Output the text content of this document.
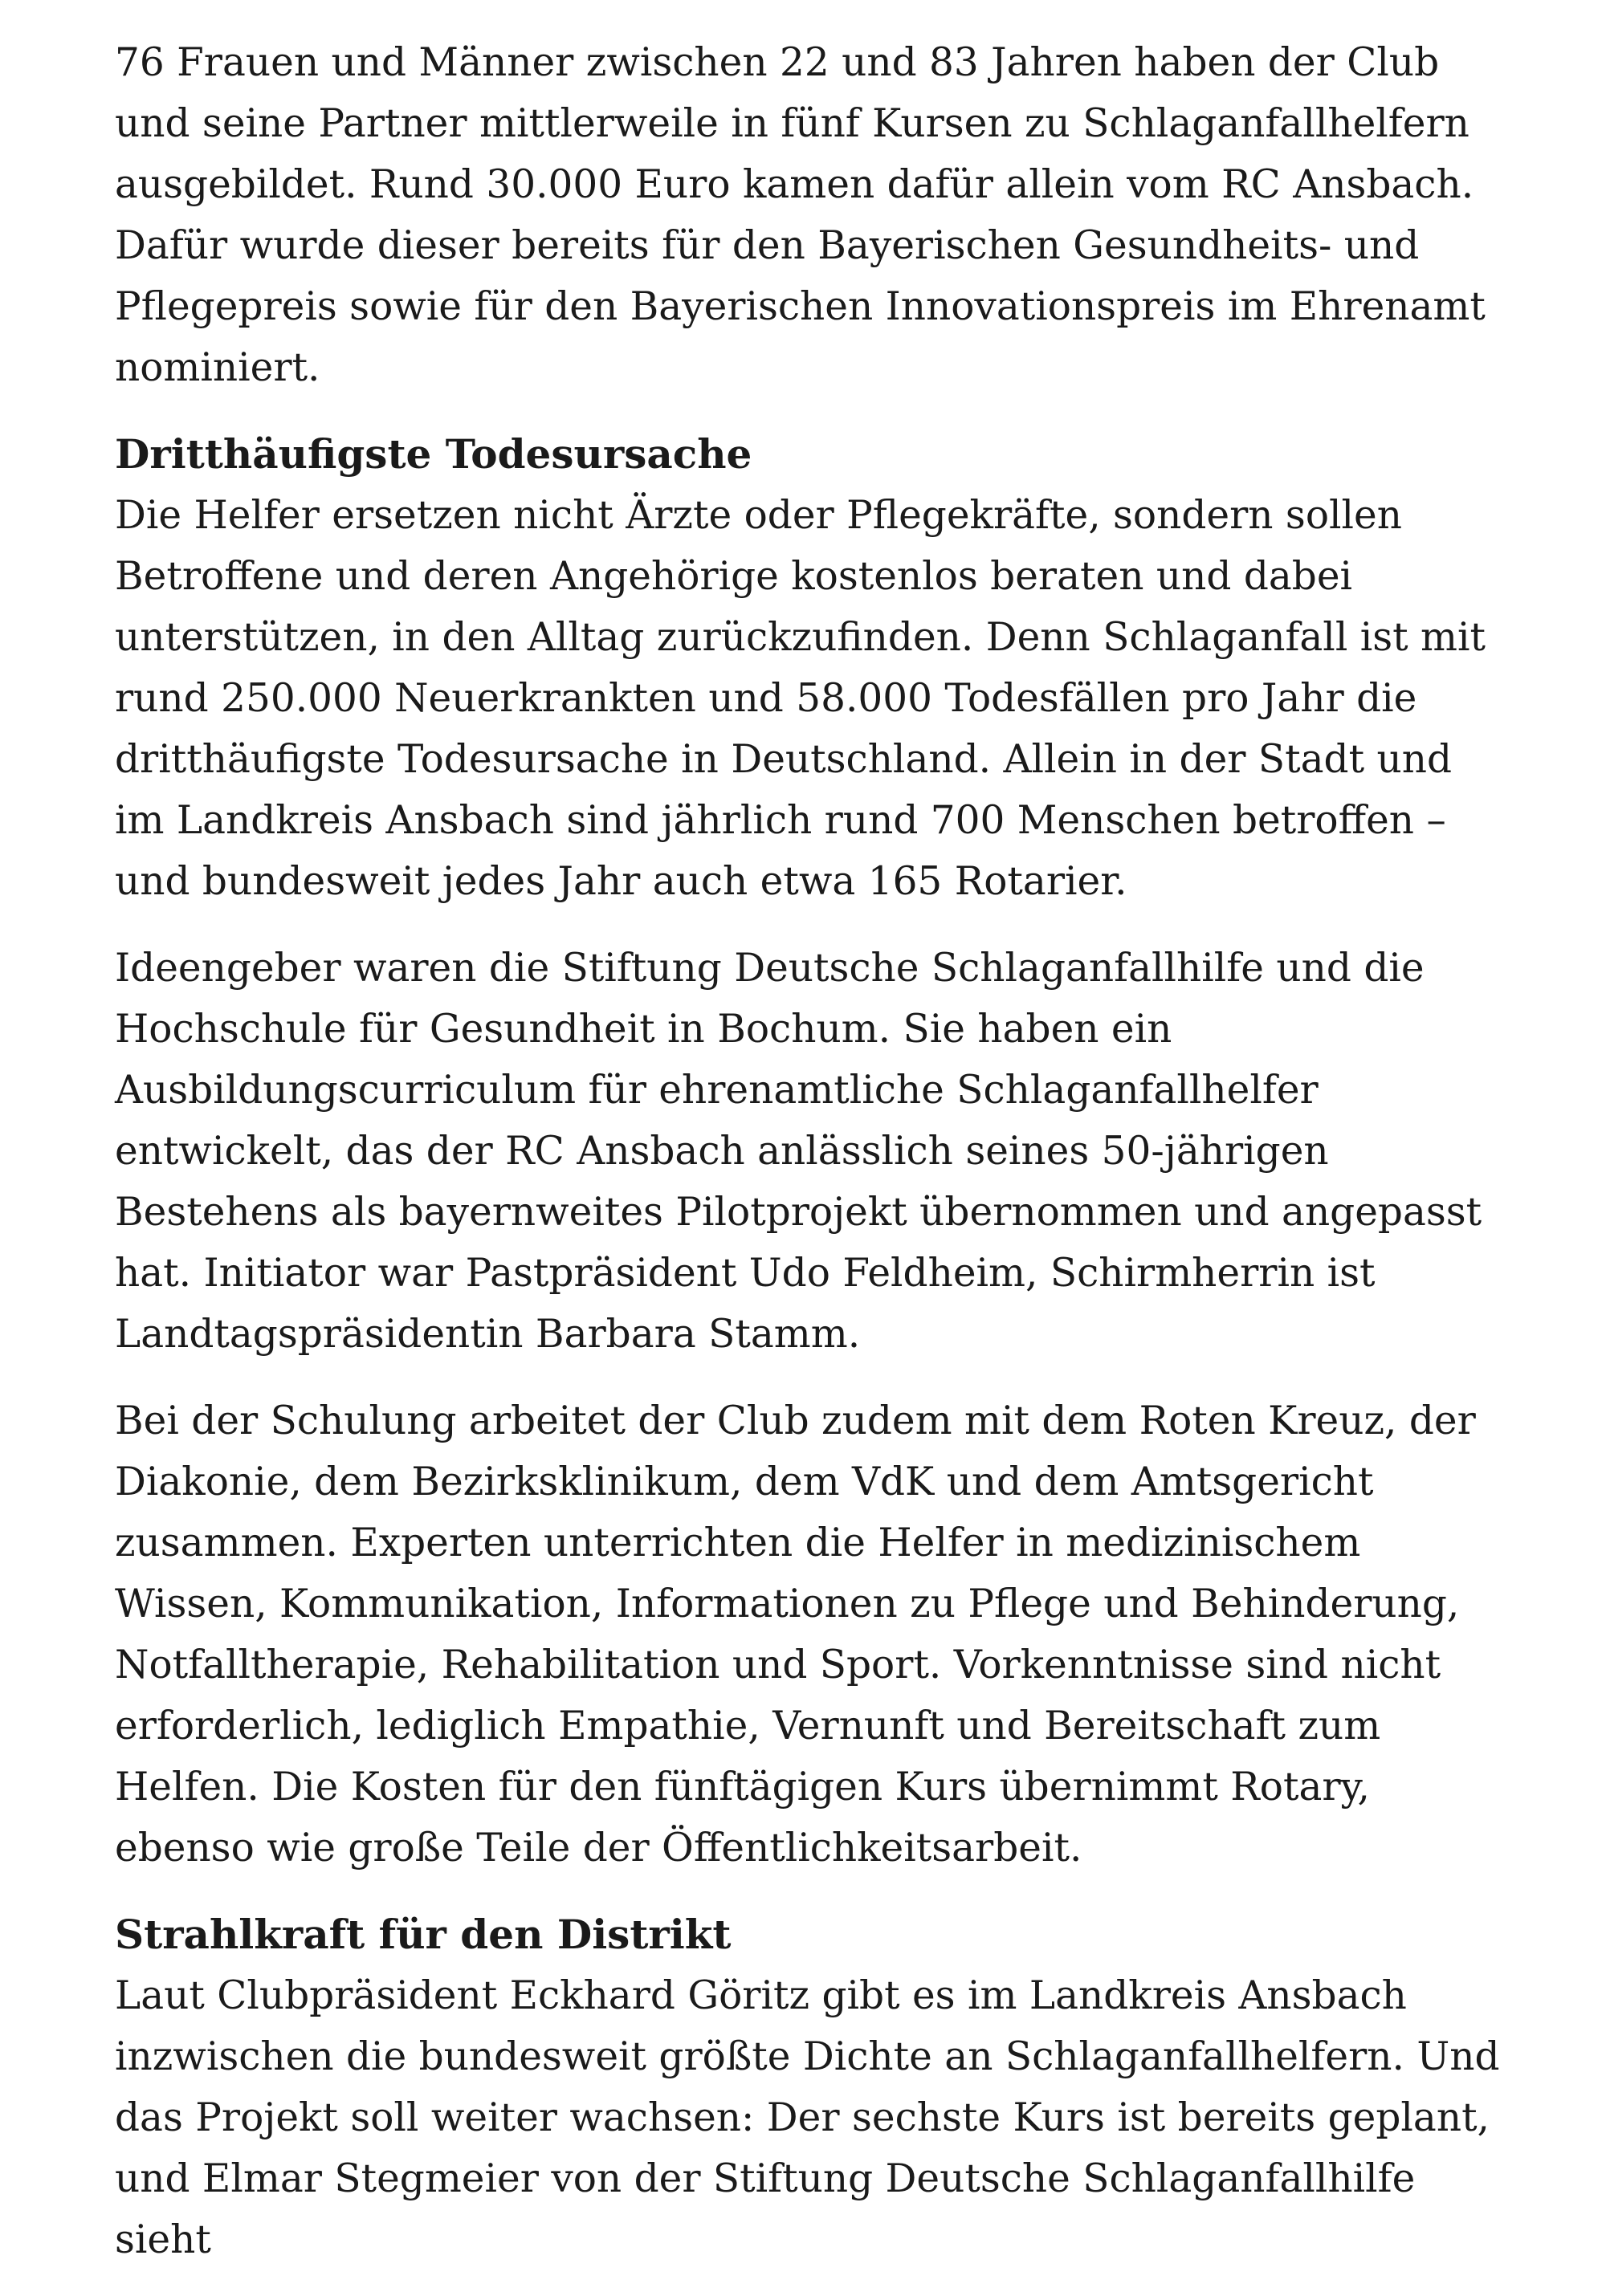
76 Frauen und Männer zwischen 22 und 83 Jahren haben der Club und seine Partner mittlerweile in fünf Kursen zu Schlaganfallhelfern ausgebildet. Rund 30.000 Euro kamen dafür allein vom RC Ansbach. Dafür wurde dieser bereits für den Bayerischen Gesundheits- und Pflegepreis sowie für den Bayerischen Innovationspreis im Ehrenamt nominiert.

Dritthäufigste Todesursache

Die Helfer ersetzen nicht Ärzte oder Pflegekräfte, sondern sollen Betroffene und deren Angehörige kostenlos beraten und dabei unterstützen, in den Alltag zurückzufinden. Denn Schlaganfall ist mit rund 250.000 Neuerkrankten und 58.000 Todesfällen pro Jahr die dritthäufigste Todesursache in Deutschland. Allein in der Stadt und im Landkreis Ansbach sind jährlich rund 700 Menschen betroffen – und bundesweit jedes Jahr auch etwa 165 Rotarier.

Ideengeber waren die Stiftung Deutsche Schlaganfallhilfe und die Hochschule für Gesundheit in Bochum. Sie haben ein Ausbildungscurriculum für ehrenamtliche Schlaganfallhelfer entwickelt, das der RC Ansbach anlässlich seines 50-jährigen Bestehens als bayernweites Pilotprojekt übernommen und angepasst hat. Initiator war Pastpräsident Udo Feldheim, Schirmherrin ist Landtagspräsidentin Barbara Stamm.

Bei der Schulung arbeitet der Club zudem mit dem Roten Kreuz, der Diakonie, dem Bezirksklinikum, dem VdK und dem Amtsgericht zusammen. Experten unterrichten die Helfer in medizinischem Wissen, Kommunikation, Informationen zu Pflege und Behinderung, Notfalltherapie, Rehabilitation und Sport. Vorkenntnisse sind nicht erforderlich, lediglich Empathie, Vernunft und Bereitschaft zum Helfen. Die Kosten für den fünftägigen Kurs übernimmt Rotary, ebenso wie große Teile der Öffentlichkeitsarbeit.

Strahlkraft für den Distrikt

Laut Clubpräsident Eckhard Göritz gibt es im Landkreis Ansbach inzwischen die bundesweit größte Dichte an Schlaganfallhelfern. Und das Projekt soll weiter wachsen: Der sechste Kurs ist bereits geplant, und Elmar Stegmeier von der Stiftung Deutsche Schlaganfallhilfe sieht
